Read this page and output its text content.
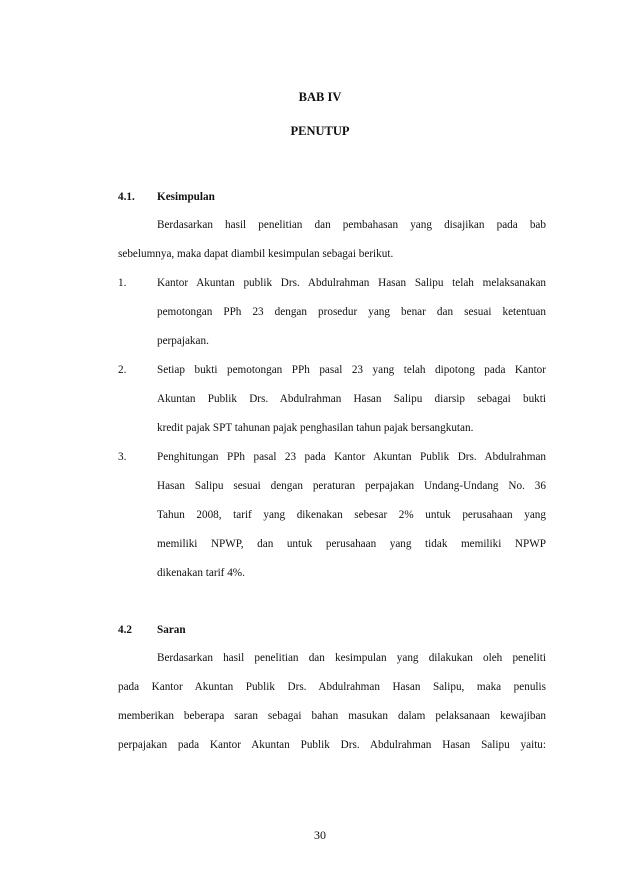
BAB IV
PENUTUP
4.1. Kesimpulan
Berdasarkan hasil penelitian dan pembahasan yang disajikan pada bab
sebelumnya, maka dapat diambil kesimpulan sebagai berikut.
1.	Kantor Akuntan publik Drs. Abdulrahman Hasan Salipu telah melaksanakan
pemotongan PPh 23 dengan prosedur yang benar dan sesuai ketentuan
perpajakan.
2.	Setiap bukti pemotongan PPh pasal 23 yang telah dipotong pada Kantor
Akuntan Publik Drs. Abdulrahman Hasan Salipu diarsip sebagai bukti
kredit pajak SPT tahunan pajak penghasilan tahun pajak bersangkutan.
3.	Penghitungan PPh pasal 23 pada Kantor Akuntan Publik Drs. Abdulrahman
Hasan Salipu sesuai dengan peraturan perpajakan Undang-Undang No. 36
Tahun 2008, tarif yang dikenakan sebesar 2% untuk perusahaan yang
memiliki NPWP, dan untuk perusahaan yang tidak memiliki NPWP
dikenakan tarif 4%.
4.2 Saran
Berdasarkan hasil penelitian dan kesimpulan yang dilakukan oleh peneliti
pada Kantor Akuntan Publik Drs. Abdulrahman Hasan Salipu, maka penulis
memberikan beberapa saran sebagai bahan masukan dalam pelaksanaan kewajiban
perpajakan pada Kantor Akuntan Publik Drs. Abdulrahman Hasan Salipu yaitu:
30
